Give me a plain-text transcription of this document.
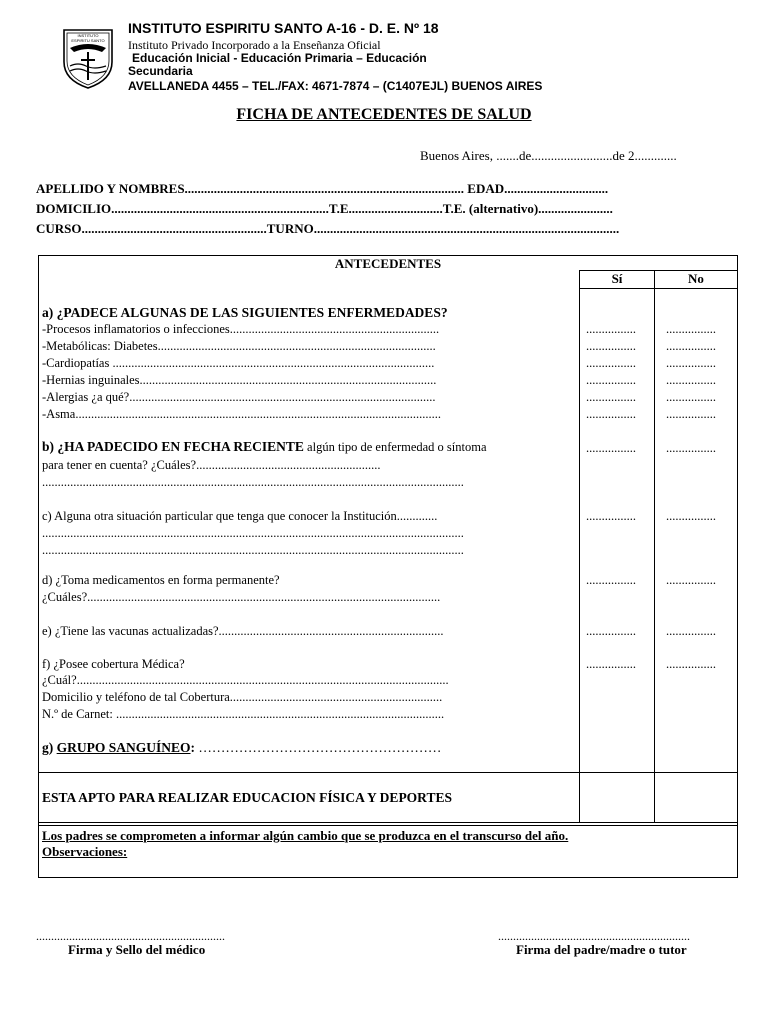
INSTITUTO
ESPIRITU SANTO
INSTITUTO ESPIRITU SANTO A-16 - D. E. Nº 18
Instituto Privado Incorporado a la Enseñanza Oficial
Educación Inicial - Educación Primaria – Educación
Secundaria
AVELLANEDA 4455 – TEL./FAX: 4671-7874 – (C1407EJL) BUENOS AIRES
FICHA DE ANTECEDENTES DE SALUD
Buenos Aires, .......de.........................de 2.............
APELLIDO Y NOMBRES...................................................................................... EDAD................................
DOMICILIO...................................................................T.E.............................T.E. (alternativo).......................
CURSO.........................................................TURNO..............................................................................................
ANTECEDENTES
Sí	No
a) ¿PADECE ALGUNAS DE LAS SIGUIENTES ENFERMEDADES?
-Procesos inflamatorios o infecciones...................................................................
-Metabólicas: Diabetes.........................................................................................
-Cardiopatías .......................................................................................................
-Hernias inguinales...............................................................................................
-Alergias ¿a qué?..................................................................................................
-Asma.....................................................................................................................
................ ................
................ ................
................ ................
................ ................
................ ................
................ ................
b) ¿HA PADECIDO EN FECHA RECIENTE algún tipo de enfermedad o síntoma
para tener en cuenta? ¿Cuáles?...........................................................
.......................................................................................................................................
................ ................
c) Alguna otra situación particular que tenga que conocer la Institución.............
.......................................................................................................................................
.......................................................................................................................................
................ ................
d) ¿Toma medicamentos en forma permanente?
¿Cuáles?.................................................................................................................
................ ................
e) ¿Tiene las vacunas actualizadas?........................................................................	................ ................
f) ¿Posee cobertura Médica?
¿Cuál?.......................................................................................................................
Domicilio y teléfono de tal Cobertura....................................................................
N.º de Carnet: .........................................................................................................
................ ................
g) GRUPO SANGUÍNEO: ………………………………………………
ESTA APTO PARA REALIZAR EDUCACION FÍSICA Y DEPORTES
Los padres se comprometen a informar algún cambio que se produzca en el transcurso del año.
Observaciones:
...............................................................
Firma y Sello del médico
................................................................
Firma del padre/madre o tutor
